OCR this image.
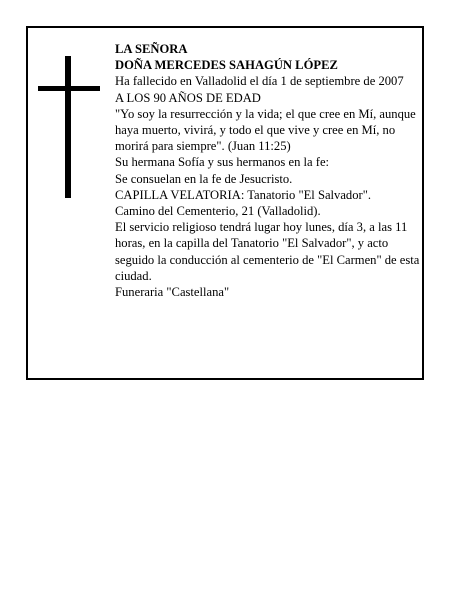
LA SEÑORA
DOÑA MERCEDES SAHAGÚN LÓPEZ
Ha fallecido en Valladolid el día 1 de septiembre de 2007
A LOS 90 AÑOS DE EDAD
"Yo soy la resurrección y la vida; el que cree en Mí, aunque haya muerto, vivirá, y todo el que vive y cree en Mí, no morirá para siempre". (Juan 11:25)
Su hermana Sofía y sus hermanos en la fe:
Se consuelan en la fe de Jesucristo.
CAPILLA VELATORIA: Tanatorio "El Salvador".
Camino del Cementerio, 21 (Valladolid).
El servicio religioso tendrá lugar hoy lunes, día 3, a las 11 horas, en la capilla del Tanatorio "El Salvador", y acto seguido la conducción al cementerio de "El Carmen" de esta ciudad.
Funeraria "Castellana"
